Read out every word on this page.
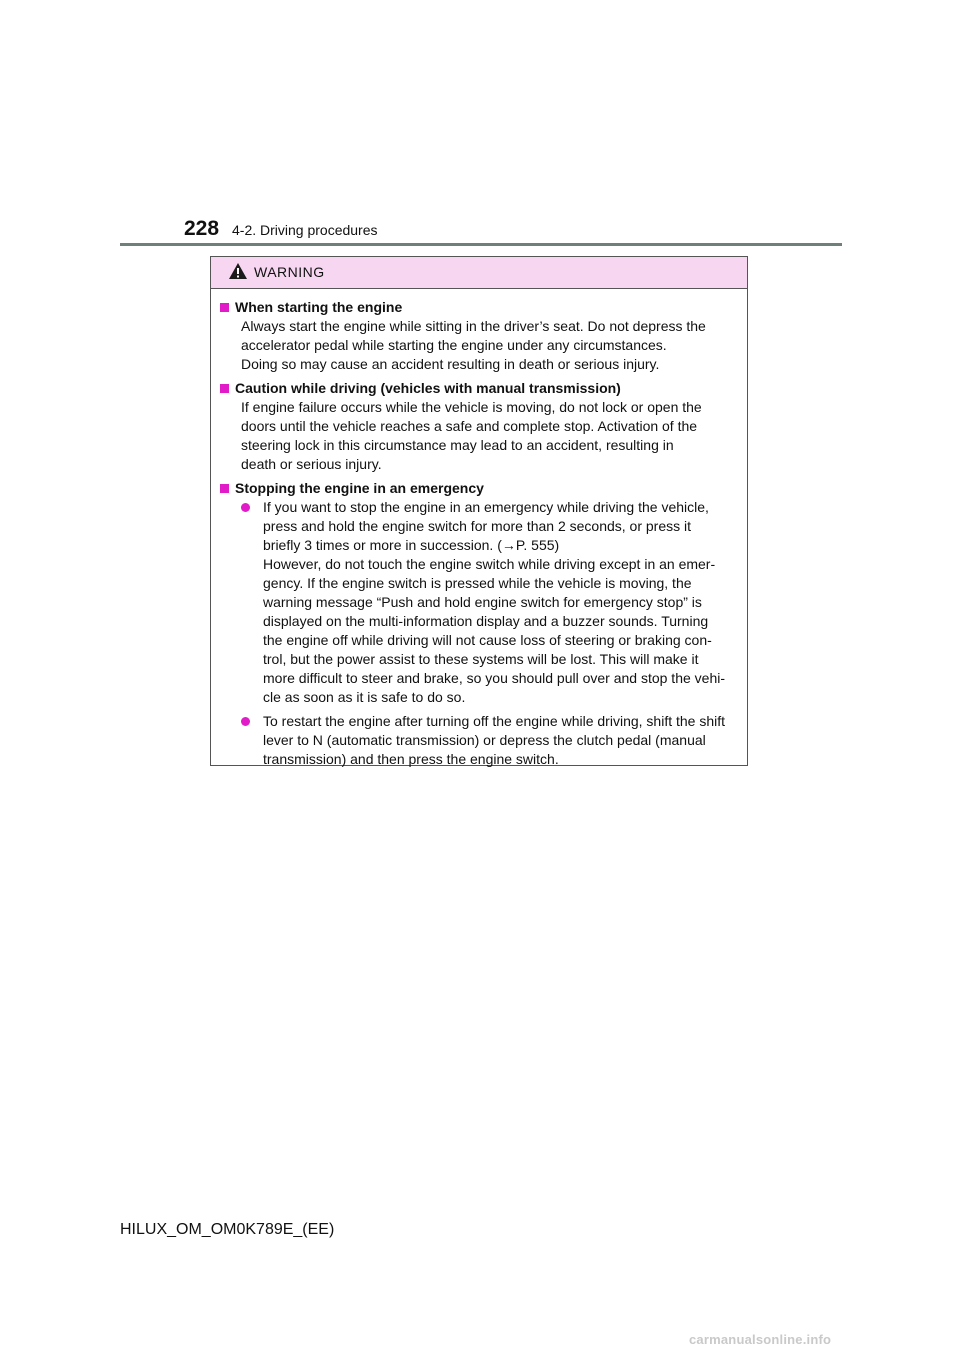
228 4-2. Driving procedures
WARNING
When starting the engine
Always start the engine while sitting in the driver’s seat. Do not depress the
accelerator pedal while starting the engine under any circumstances.
Doing so may cause an accident resulting in death or serious injury.
Caution while driving (vehicles with manual transmission)
If engine failure occurs while the vehicle is moving, do not lock or open the
doors until the vehicle reaches a safe and complete stop. Activation of the
steering lock in this circumstance may lead to an accident, resulting in
death or serious injury.
Stopping the engine in an emergency
If you want to stop the engine in an emergency while driving the vehicle,
press and hold the engine switch for more than 2 seconds, or press it
briefly 3 times or more in succession. (→P. 555)
However, do not touch the engine switch while driving except in an emer-
gency. If the engine switch is pressed while the vehicle is moving, the
warning message “Push and hold engine switch for emergency stop” is
displayed on the multi-information display and a buzzer sounds. Turning
the engine off while driving will not cause loss of steering or braking con-
trol, but the power assist to these systems will be lost. This will make it
more difficult to steer and brake, so you should pull over and stop the vehi-
cle as soon as it is safe to do so.
To restart the engine after turning off the engine while driving, shift the shift
lever to N (automatic transmission) or depress the clutch pedal (manual
transmission) and then press the engine switch.
HILUX_OM_OM0K789E_(EE)
carmanualsonline.info
